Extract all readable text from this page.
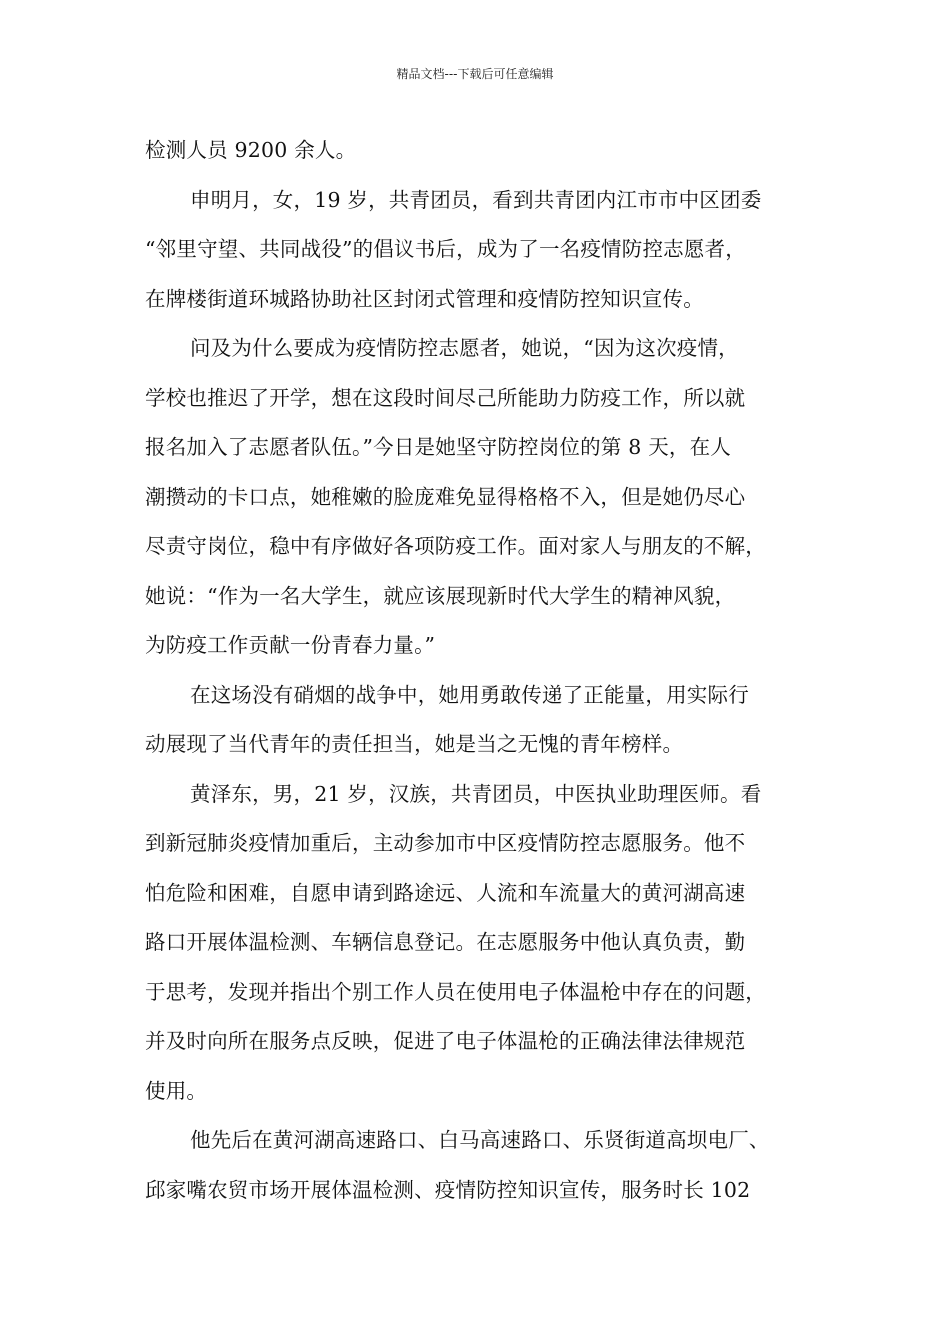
精品文档---下载后可任意编辑
检测人员 9200 余人。
申明月，女，19 岁，共青团员，看到共青团内江市市中区团委
“邻里守望、共同战役”的倡议书后，成为了一名疫情防控志愿者，
在牌楼街道环城路协助社区封闭式管理和疫情防控知识宣传。
问及为什么要成为疫情防控志愿者，她说，“因为这次疫情，
学校也推迟了开学，想在这段时间尽己所能助力防疫工作，所以就
报名加入了志愿者队伍。”今日是她坚守防控岗位的第 8 天，在人
潮攒动的卡口点，她稚嫩的脸庞难免显得格格不入，但是她仍尽心
尽责守岗位，稳中有序做好各项防疫工作。面对家人与朋友的不解，
她说：“作为一名大学生，就应该展现新时代大学生的精神风貌，
为防疫工作贡献一份青春力量。”
在这场没有硝烟的战争中，她用勇敢传递了正能量，用实际行
动展现了当代青年的责任担当，她是当之无愧的青年榜样。
黄泽东，男，21 岁，汉族，共青团员，中医执业助理医师。看
到新冠肺炎疫情加重后，主动参加市中区疫情防控志愿服务。他不
怕危险和困难，自愿申请到路途远、人流和车流量大的黄河湖高速
路口开展体温检测、车辆信息登记。在志愿服务中他认真负责，勤
于思考，发现并指出个别工作人员在使用电子体温枪中存在的问题，
并及时向所在服务点反映，促进了电子体温枪的正确法律法律规范
使用。
他先后在黄河湖高速路口、白马高速路口、乐贤街道高坝电厂、
邱家嘴农贸市场开展体温检测、疫情防控知识宣传，服务时长 102
